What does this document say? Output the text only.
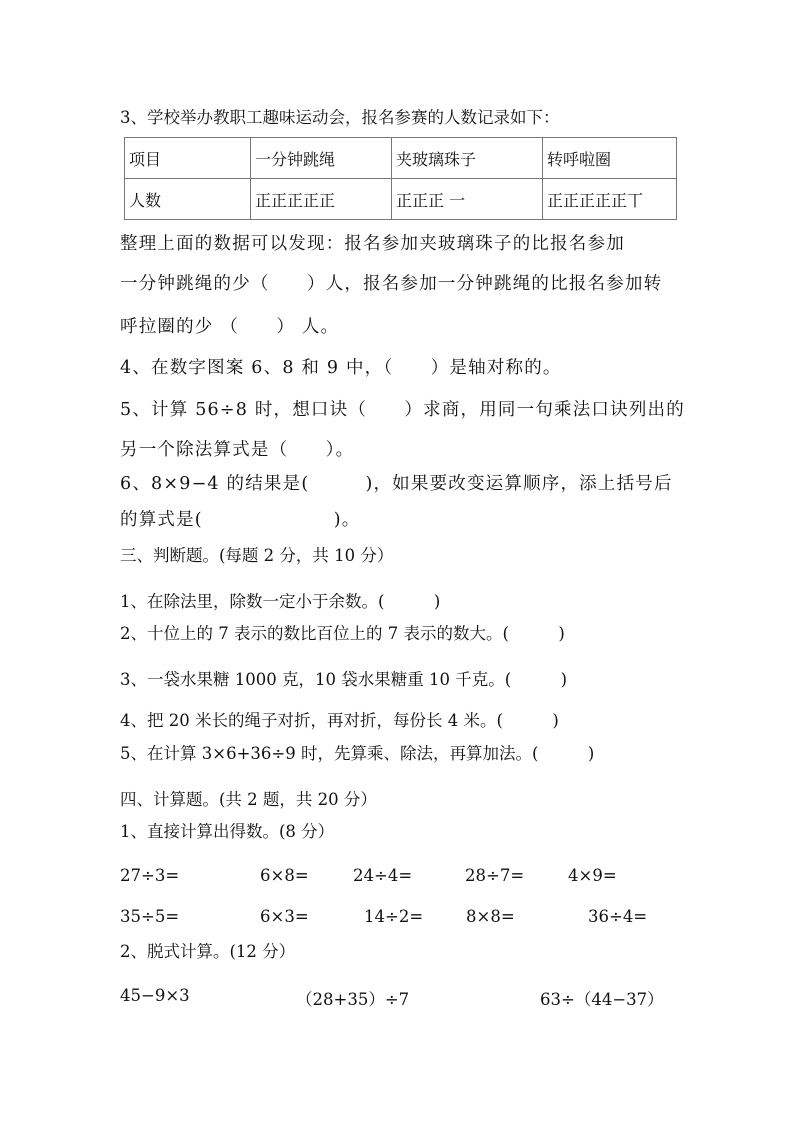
3、学校举办教职工趣味运动会，报名参赛的人数记录如下：
项目	一分钟跳绳	夹玻璃珠子	转呼啦圈
人数	正正正正正	正正正 一	正正正正正丅
整理上面的数据可以发现：报名参加夹玻璃珠子的比报名参加
一分钟跳绳的少（　　）人，报名参加一分钟跳绳的比报名参加转
呼拉圈的少 （　　） 人。
4、在数字图案 6、8 和 9 中，（　　）是轴对称的。
5、计算 56÷8 时，想口诀（　　）求商，用同一句乘法口诀列出的
另一个除法算式是（　　）。
6、8×9−4 的结果是(　　　)，如果要改变运算顺序，添上括号后
的算式是(　　　　　　　)。
三、判断题。(每题 2 分，共 10 分）
1、在除法里，除数一定小于余数。(　　　)
2、十位上的 7 表示的数比百位上的 7 表示的数大。(　　　)
3、一袋水果糖 1000 克，10 袋水果糖重 10 千克。(　　　)
4、把 20 米长的绳子对折，再对折，每份长 4 米。(　　　)
5、在计算 3×6+36÷9 时，先算乘、除法，再算加法。(　　　)
四、计算题。(共 2 题，共 20 分）
1、直接计算出得数。(8 分）
27÷3=	6×8=	24÷4=	28÷7=	4×9=
35÷5=	6×3=	14÷2=	8×8=	36÷4=
2、脱式计算。(12 分）
45−9×3	（28+35）÷7	63÷（44−37）
